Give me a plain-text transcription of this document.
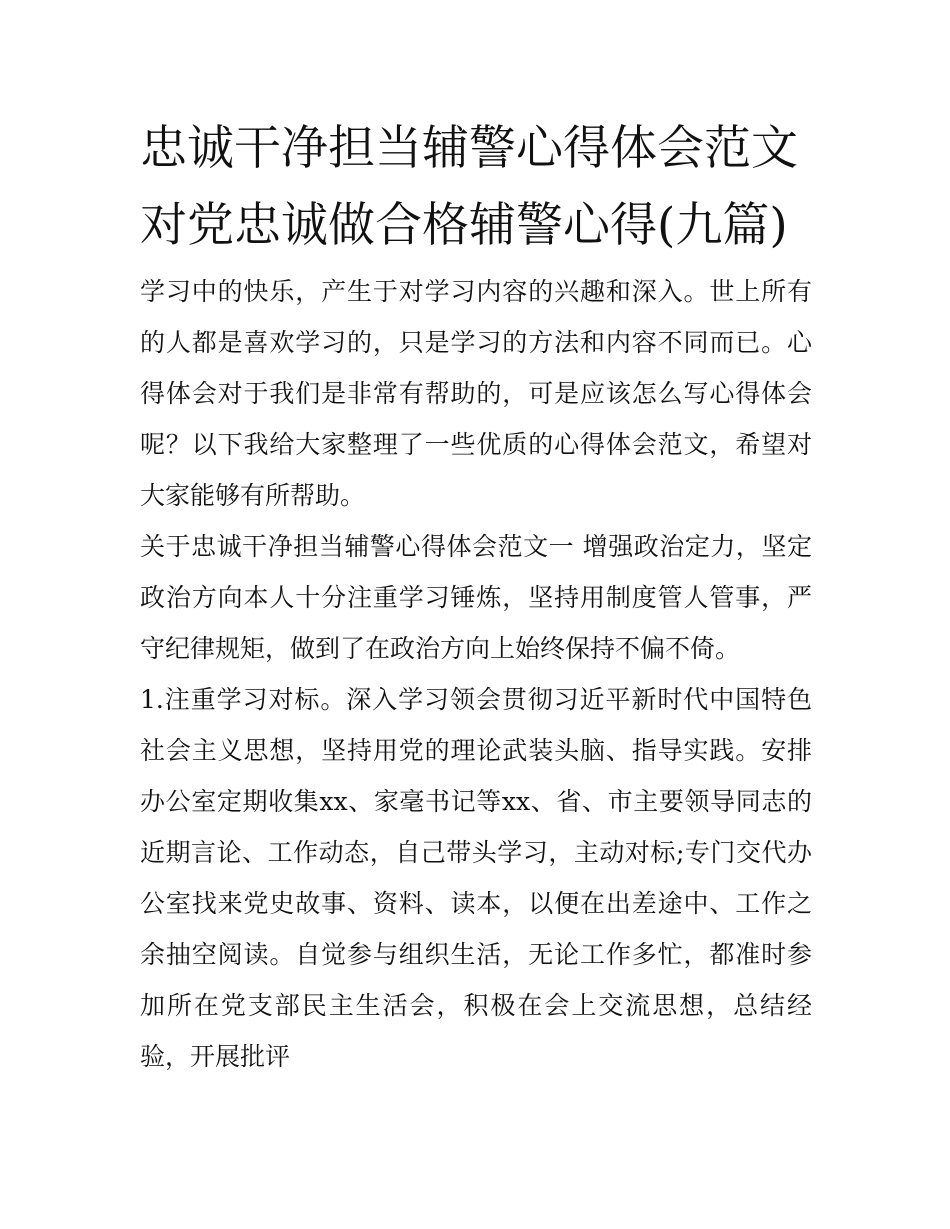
忠诚干净担当辅警心得体会范文 对党忠诚做合格辅警心得(九篇)

学习中的快乐，产生于对学习内容的兴趣和深入。世上所有的人都是喜欢学习的，只是学习的方法和内容不同而已。心得体会对于我们是非常有帮助的，可是应该怎么写心得体会呢？以下我给大家整理了一些优质的心得体会范文，希望对大家能够有所帮助。

关于忠诚干净担当辅警心得体会范文一 增强政治定力，坚定政治方向本人十分注重学习锤炼，坚持用制度管人管事，严守纪律规矩，做到了在政治方向上始终保持不偏不倚。

1.注重学习对标。深入学习领会贯彻习近平新时代中国特色社会主义思想，坚持用党的理论武装头脑、指导实践。安排办公室定期收集xx、家毫书记等xx、省、市主要领导同志的近期言论、工作动态，自己带头学习，主动对标;专门交代办公室找来党史故事、资料、读本，以便在出差途中、工作之余抽空阅读。自觉参与组织生活，无论工作多忙，都准时参加所在党支部民主生活会，积极在会上交流思想，总结经验，开展批评
